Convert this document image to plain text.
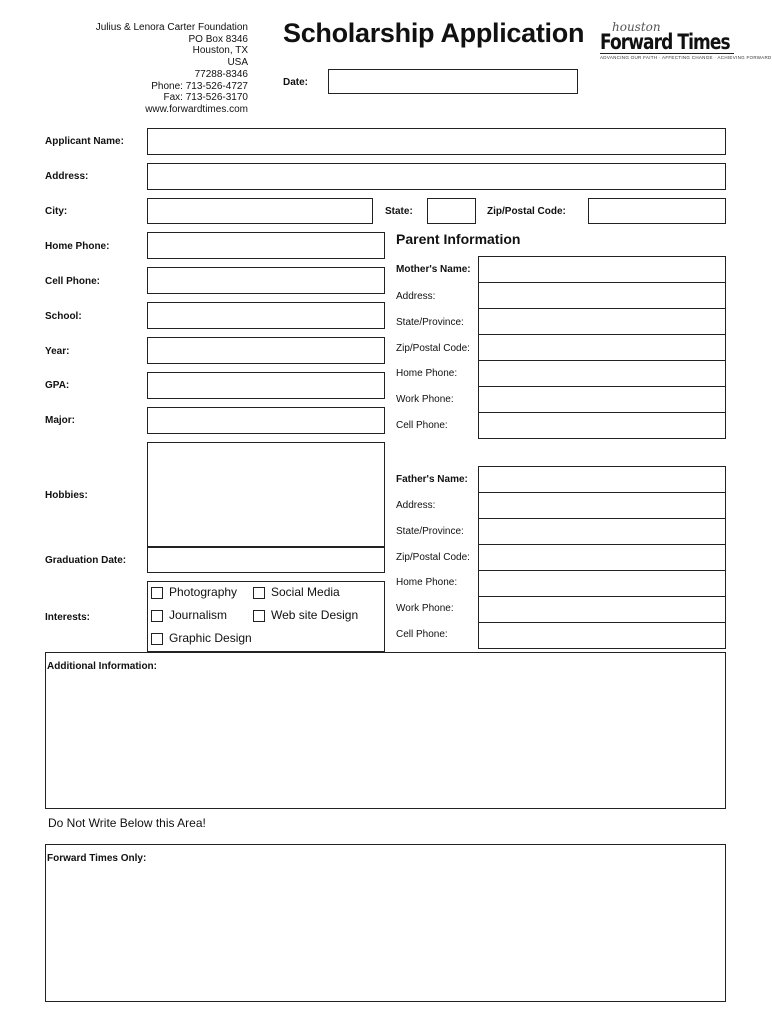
Julius & Lenora Carter Foundation
PO Box 8346
Houston, TX
USA
77288-8346
Phone: 713-526-4727
Fax: 713-526-3170
www.forwardtimes.com
Scholarship Application houston
Forward Times
ADVANCING OUR FAITH · AFFECTING CHANGE · ACHIEVING FORWARD
Date:
Applicant Name:
Address:
City:	State:	Zip/Postal Code:
Home Phone:
Cell Phone:
School:
Year:
GPA:
Major:
Hobbies:
Graduation Date:
Interests:
Photography	Social Media
Journalism	Web site Design
Graphic Design
Parent Information
Mother's Name:
Address:
State/Province:
Zip/Postal Code:
Home Phone:
Work Phone:
Cell Phone:
Father's Name:
Address:
State/Province:
Zip/Postal Code:
Home Phone:
Work Phone:
Cell Phone:
Additional Information:
Do Not Write Below this Area!
Forward Times Only:
